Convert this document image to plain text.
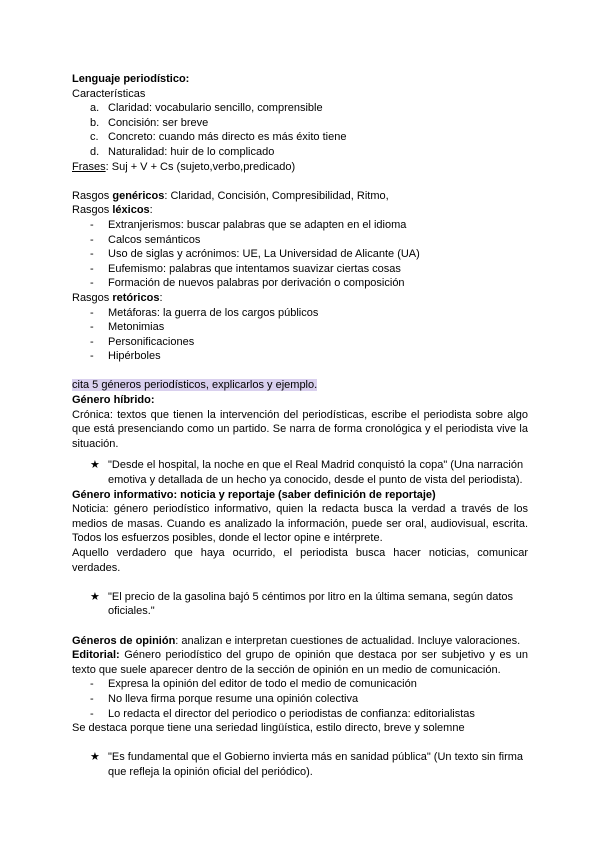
Lenguaje periodístico:

Características

a. Claridad: vocabulario sencillo, comprensible
b. Concisión: ser breve
c. Concreto: cuando más directo es más éxito tiene
d. Naturalidad: huir de lo complicado

Frases: Suj + V + Cs (sujeto,verbo,predicado)

Rasgos genéricos: Claridad, Concisión, Compresibilidad, Ritmo,

Rasgos léxicos:

- Extranjerismos: buscar palabras que se adapten en el idioma
- Calcos semánticos
- Uso de siglas y acrónimos: UE, La Universidad de Alicante (UA)
- Eufemismo: palabras que intentamos suavizar ciertas cosas
- Formación de nuevos palabras por derivación o composición

Rasgos retóricos:

- Metáforas: la guerra de los cargos públicos
- Metonimias
- Personificaciones
- Hipérboles

cita 5 géneros periodísticos, explicarlos y ejemplo.

Género híbrido:

Crónica: textos que tienen la intervención del periodísticas, escribe el periodista sobre algo que está presenciando como un partido. Se narra de forma cronológica y el periodista vive la situación.

★ "Desde el hospital, la noche en que el Real Madrid conquistó la copa" (Una narración emotiva y detallada de un hecho ya conocido, desde el punto de vista del periodista).

Género informativo: noticia y reportaje (saber definición de reportaje)

Noticia: género periodístico informativo, quien la redacta busca la verdad a través de los medios de masas. Cuando es analizado la información, puede ser oral, audiovisual, escrita. Todos los esfuerzos posibles, donde el lector opine e intérprete.

Aquello verdadero que haya ocurrido, el periodista busca hacer noticias, comunicar verdades.

★ "El precio de la gasolina bajó 5 céntimos por litro en la última semana, según datos oficiales."

Géneros de opinión: analizan e interpretan cuestiones de actualidad. Incluye valoraciones.

Editorial: Género periodístico del grupo de opinión que destaca por ser subjetivo y es un texto que suele aparecer dentro de la sección de opinión en un medio de comunicación.

- Expresa la opinión del editor de todo el medio de comunicación
- No lleva firma porque resume una opinión colectiva
- Lo redacta el director del periodico o periodistas de confianza: editorialistas

Se destaca porque tiene una seriedad lingüística, estilo directo, breve y solemne

★ "Es fundamental que el Gobierno invierta más en sanidad pública" (Un texto sin firma que refleja la opinión oficial del periódico).
